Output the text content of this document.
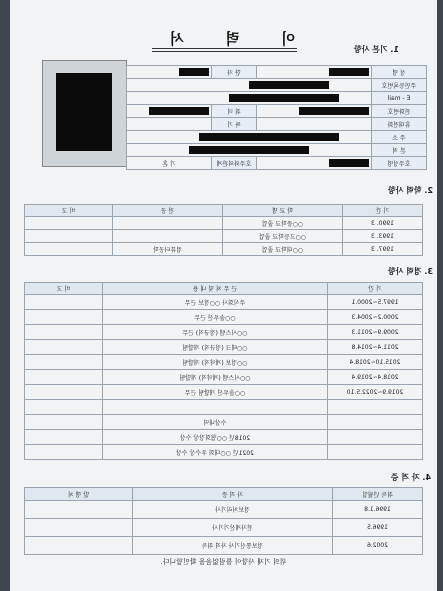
이 력 서
1. 기본 사항
성 명		한 자	
주민등록번호			
E - mail			
전화번호		취 미	
휴대전화		특 기	
주 소			
본 적			
호주성명		호주와의관계	기 혼
2. 학력 사항
기 간	학 교 명	전 공	비 고
1990. 3	○○중학교 졸업		
1993. 3	○○고등학교 졸업		
1997. 3	○○대학교 졸업	컴퓨터공학	
3. 경력 사항
기 간	근 무 처 및 내 용	비 고
1997.5~2000.1	주식회사 ○○정보 근무	
2000.2~2004.3	○○솔루션 근무	
2009.9~2011.3	○○시스템 (정규직) 근무	
2011.4~2014.8	○○테크 (정규직) 개발팀	
2015.10~2018.4	○○정보 (계약직) 개발팀	
2018.4~2019.4	○○시스템 (계약직) 개발팀	
2019.9~2022.5.10	○○솔루션 개발팀 근무	

	수상내역	
	2018년 ○○협회장상 수상	
	2021년 ○○대회 우수상 수상	
4. 자 격 증
취득 년월일	자 격 증	발 행 처
1996.1.8	정보처리기사	
1996.5	전자계산기기사	
2002.6	정보통신기사 자격 취득	
위의 기재 사항이 틀림없음을 확인합니다.
